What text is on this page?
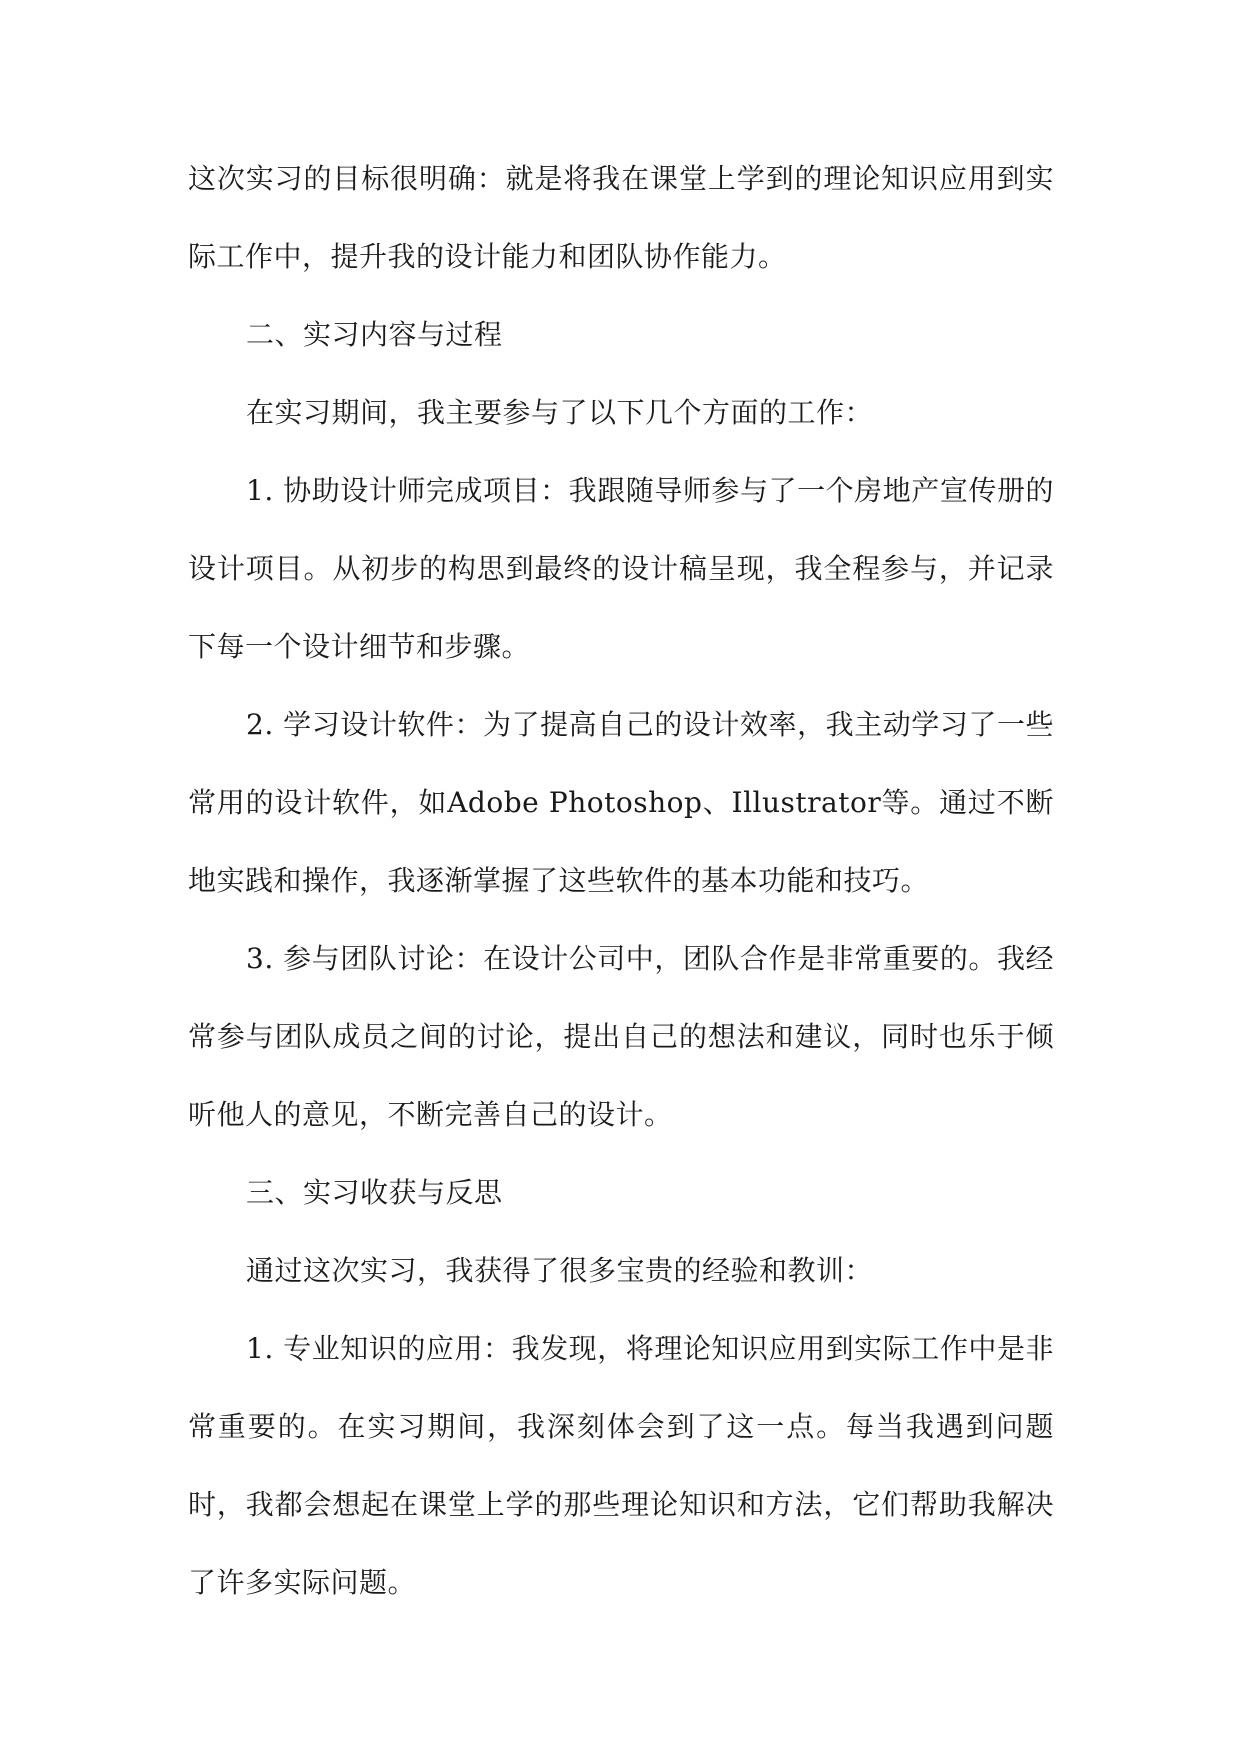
这次实习的目标很明确：就是将我在课堂上学到的理论知识应用到实际工作中，提升我的设计能力和团队协作能力。

二、实习内容与过程

在实习期间，我主要参与了以下几个方面的工作：

1. 协助设计师完成项目：我跟随导师参与了一个房地产宣传册的设计项目。从初步的构思到最终的设计稿呈现，我全程参与，并记录下每一个设计细节和步骤。

2. 学习设计软件：为了提高自己的设计效率，我主动学习了一些常用的设计软件，如Adobe Photoshop、Illustrator等。通过不断地实践和操作，我逐渐掌握了这些软件的基本功能和技巧。

3. 参与团队讨论：在设计公司中，团队合作是非常重要的。我经常参与团队成员之间的讨论，提出自己的想法和建议，同时也乐于倾听他人的意见，不断完善自己的设计。

三、实习收获与反思

通过这次实习，我获得了很多宝贵的经验和教训：

1. 专业知识的应用：我发现，将理论知识应用到实际工作中是非常重要的。在实习期间，我深刻体会到了这一点。每当我遇到问题时，我都会想起在课堂上学的那些理论知识和方法，它们帮助我解决了许多实际问题。
